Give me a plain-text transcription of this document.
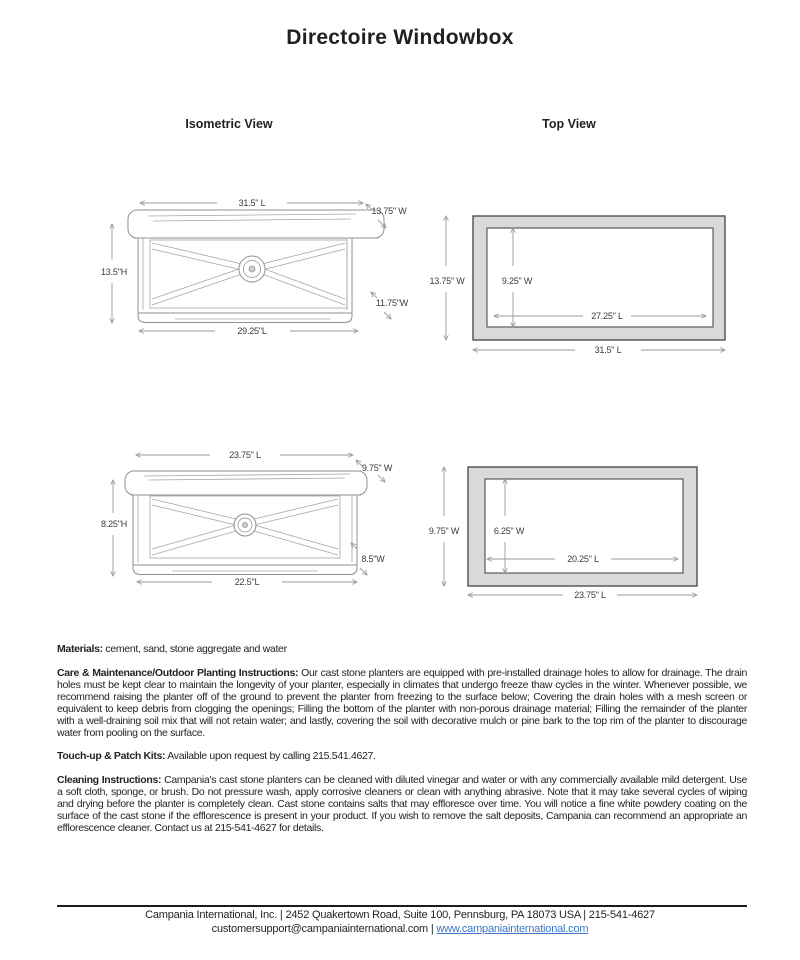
Directoire Windowbox
Isometric View	Top View
31.5" L
13.75" W
13.5"H
11.75"W
29.25"L
13.75" W	9.25" W
27.25" L
31.5" L
23.75" L
9.75" W
8.25"H
8.5"W
22.5"L
9.75" W	6.25" W
20.25" L
23.75" L

Materials: cement, sand, stone aggregate and water

Care & Maintenance/Outdoor Planting Instructions: Our cast stone planters are equipped with pre-installed drainage holes to allow for drainage. The drain holes must be kept clear to maintain the longevity of your planter, especially in climates that undergo freeze thaw cycles in the winter. Whenever possible, we recommend raising the planter off of the ground to prevent the planter from freezing to the surface below; Covering the drain holes with a mesh screen or equivalent to keep debris from clogging the openings; Filling the bottom of the planter with non-porous drainage material; Filling the remainder of the planter with a well-draining soil mix that will not retain water; and lastly, covering the soil with decorative mulch or pine bark to the top rim of the planter to discourage water from pooling on the surface.

Touch-up & Patch Kits: Available upon request by calling 215.541.4627.

Cleaning Instructions: Campania’s cast stone planters can be cleaned with diluted vinegar and water or with any commercially available mild detergent. Use a soft cloth, sponge, or brush. Do not pressure wash, apply corrosive cleaners or clean with anything abrasive. Note that it may take several cycles of wiping and drying before the planter is completely clean. Cast stone contains salts that may effloresce over time. You will notice a fine white powdery coating on the surface of the cast stone if the efflorescence is present in your product. If you wish to remove the salt deposits, Campania can recommend an appropriate an efflorescence cleaner. Contact us at 215-541-4627 for details.

Campania International, Inc. | 2452 Quakertown Road, Suite 100, Pennsburg, PA 18073 USA | 215-541-4627
customersupport@campaniainternational.com | www.campaniainternational.com
